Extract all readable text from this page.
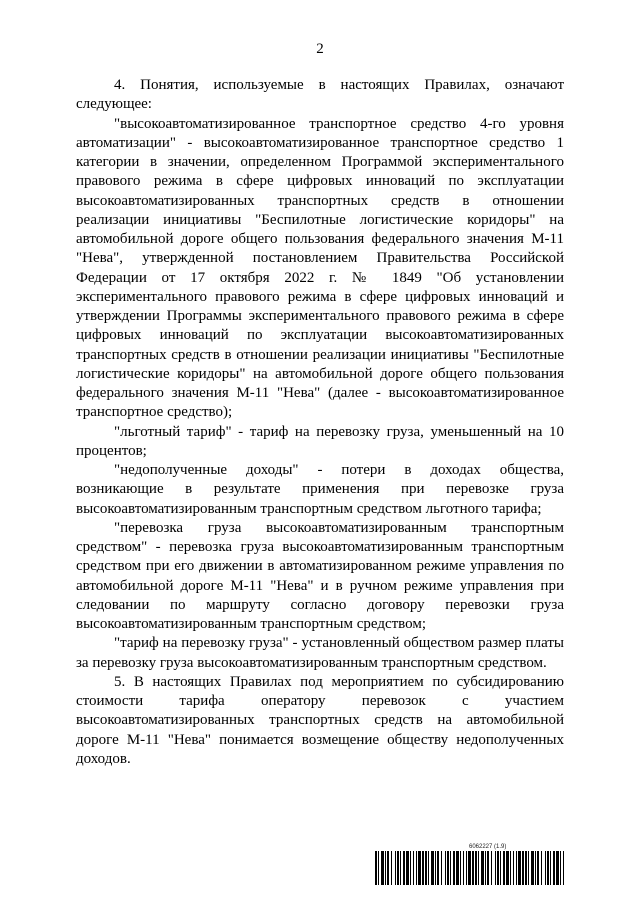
2

4. Понятия, используемые в настоящих Правилах, означают следующее:

"высокоавтоматизированное транспортное средство 4-го уровня автоматизации" - высокоавтоматизированное транспортное средство 1 категории в значении, определенном Программой экспериментального правового режима в сфере цифровых инноваций по эксплуатации высокоавтоматизированных транспортных средств в отношении реализации инициативы "Беспилотные логистические коридоры" на автомобильной дороге общего пользования федерального значения М-11 "Нева", утвержденной постановлением Правительства Российской Федерации от 17 октября 2022 г. № 1849 "Об установлении экспериментального правового режима в сфере цифровых инноваций и утверждении Программы экспериментального правового режима в сфере цифровых инноваций по эксплуатации высокоавтоматизированных транспортных средств в отношении реализации инициативы "Беспилотные логистические коридоры" на автомобильной дороге общего пользования федерального значения М-11 "Нева" (далее - высокоавтоматизированное транспортное средство);

"льготный тариф" - тариф на перевозку груза, уменьшенный на 10 процентов;

"недополученные доходы" - потери в доходах общества, возникающие в результате применения при перевозке груза высокоавтоматизированным транспортным средством льготного тарифа;

"перевозка груза высокоавтоматизированным транспортным средством" - перевозка груза высокоавтоматизированным транспортным средством при его движении в автоматизированном режиме управления по автомобильной дороге М-11 "Нева" и в ручном режиме управления при следовании по маршруту согласно договору перевозки груза высокоавтоматизированным транспортным средством;

"тариф на перевозку груза" - установленный обществом размер платы за перевозку груза высокоавтоматизированным транспортным средством.

5. В настоящих Правилах под мероприятием по субсидированию стоимости тарифа оператору перевозок с участием высокоавтоматизированных транспортных средств на автомобильной дороге М-11 "Нева" понимается возмещение обществу недополученных доходов.

6062227 (1.9)
